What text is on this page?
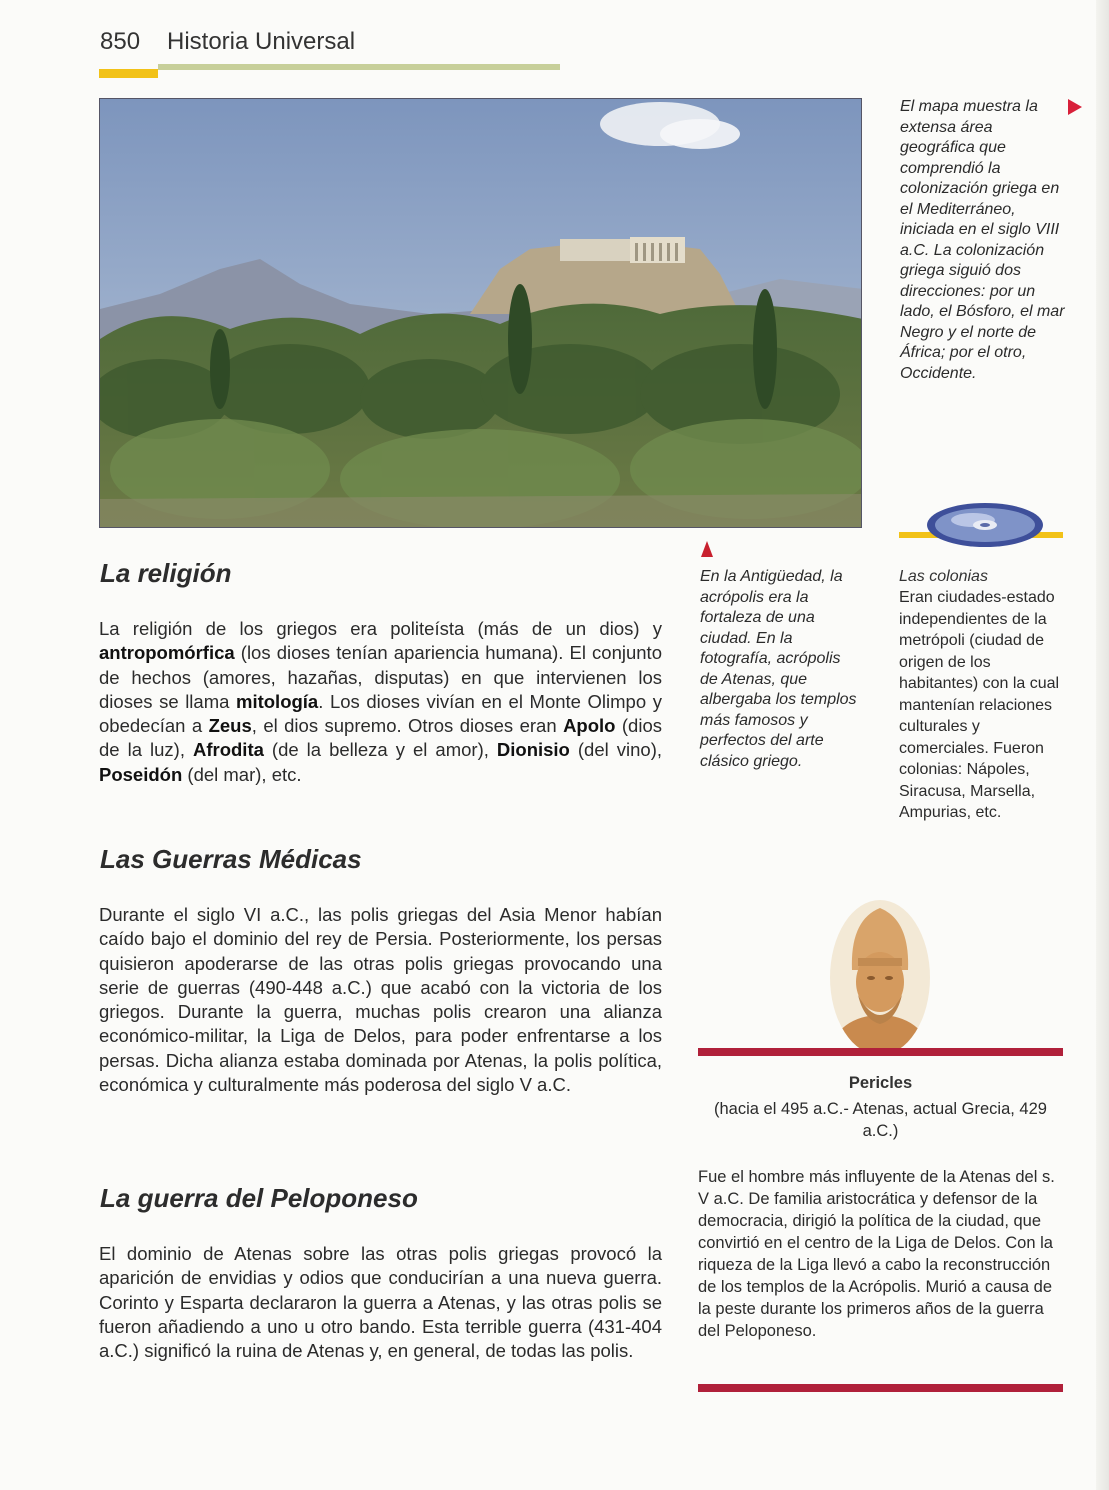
850 Historia Universal
El mapa muestra la extensa área geográfica que comprendió la colonización griega en el Mediterráneo, iniciada en el siglo VIII a.C. La colonización griega siguió dos direcciones: por un lado, el Bósforo, el mar Negro y el norte de África; por el otro, Occidente.
En la Antigüedad, la acrópolis era la fortaleza de una ciudad. En la fotografía, acrópolis de Atenas, que albergaba los templos más famosos y perfectos del arte clásico griego.
Las colonias
Eran ciudades-estado independientes de la metrópoli (ciudad de origen de los habitantes) con la cual mantenían relaciones culturales y comerciales. Fueron colonias: Nápoles, Siracusa, Marsella, Ampurias, etc.
La religión
La religión de los griegos era politeísta (más de un dios) y antropomórfica (los dioses tenían apariencia humana). El conjunto de hechos (amores, hazañas, disputas) en que intervienen los dioses se llama mitología. Los dioses vivían en el Monte Olimpo y obedecían a Zeus, el dios supremo. Otros dioses eran Apolo (dios de la luz), Afrodita (de la belleza y el amor), Dionisio (del vino), Poseidón (del mar), etc.
Las Guerras Médicas
Durante el siglo VI a.C., las polis griegas del Asia Menor habían caído bajo el dominio del rey de Persia. Posteriormente, los persas quisieron apoderarse de las otras polis griegas provocando una serie de guerras (490-448 a.C.) que acabó con la victoria de los griegos. Durante la guerra, muchas polis crearon una alianza económico-militar, la Liga de Delos, para poder enfrentarse a los persas. Dicha alianza estaba dominada por Atenas, la polis política, económica y culturalmente más poderosa del siglo V a.C.
La guerra del Peloponeso
El dominio de Atenas sobre las otras polis griegas provocó la aparición de envidias y odios que conducirían a una nueva guerra. Corinto y Esparta declararon la guerra a Atenas, y las otras polis se fueron añadiendo a uno u otro bando. Esta terrible guerra (431-404 a.C.) significó la ruina de Atenas y, en general, de todas las polis.
Pericles
(hacia el 495 a.C.- Atenas, actual Grecia, 429 a.C.)
Fue el hombre más influyente de la Atenas del s. V a.C. De familia aristocrática y defensor de la democracia, dirigió la política de la ciudad, que convirtió en el centro de la Liga de Delos. Con la riqueza de la Liga llevó a cabo la reconstrucción de los templos de la Acrópolis. Murió a causa de la peste durante los primeros años de la guerra del Peloponeso.
